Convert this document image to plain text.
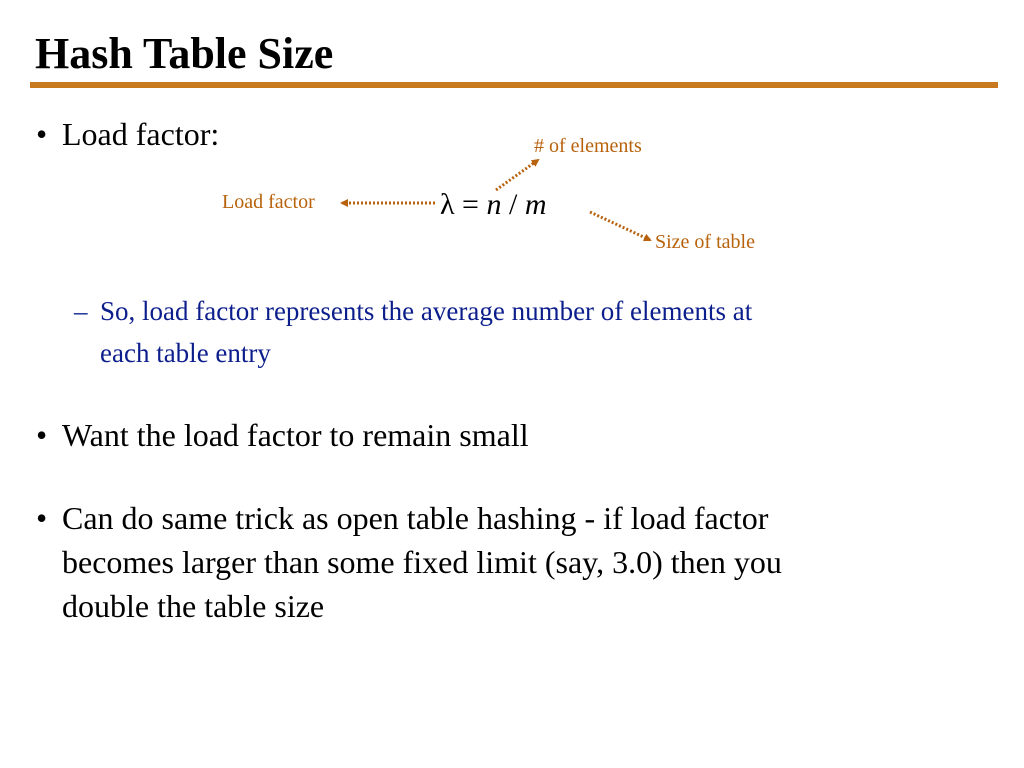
Hash Table Size
• Load factor:	# of elements
Load factor
Size of table
λ = n / m
– So, load factor represents the average number of elements at
each table entry
• Want the load factor to remain small
• Can do same trick as open table hashing - if load factor
becomes larger than some fixed limit (say, 3.0) then you
double the table size
